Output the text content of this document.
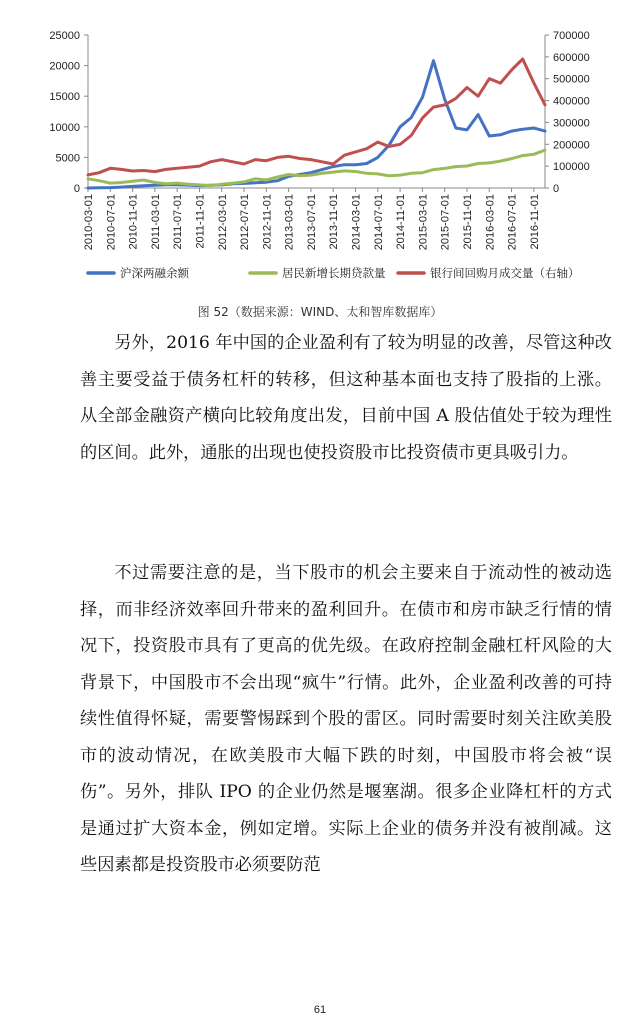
0
5000
10000
15000
20000
25000
0
100000
200000
300000
400000
500000
600000
700000
2010-03-01 2010-07-01 2010-11-01 2011-03-01 2011-07-01 2011-11-01 2012-03-01 2012-07-01 2012-11-01 2013-03-01 2013-07-01 2013-11-01 2014-03-01 2014-07-01 2014-11-01 2015-03-01 2015-07-01 2015-11-01 2016-03-01 2016-07-01 2016-11-01
沪深两融余额	居民新增长期贷款量	银行间回购月成交量（右轴）
图 52（数据来源：WIND、太和智库数据库）

另外，2016 年中国的企业盈利有了较为明显的改善，尽管这种改善主要受益于债务杠杆的转移，但这种基本面也支持了股指的上涨。从全部金融资产横向比较角度出发，目前中国 A 股估值处于较为理性的区间。此外，通胀的出现也使投资股市比投资债市更具吸引力。

不过需要注意的是，当下股市的机会主要来自于流动性的被动选择，而非经济效率回升带来的盈利回升。在债市和房市缺乏行情的情况下，投资股市具有了更高的优先级。在政府控制金融杠杆风险的大背景下，中国股市不会出现“疯牛”行情。此外，企业盈利改善的可持续性值得怀疑，需要警惕踩到个股的雷区。同时需要时刻关注欧美股市的波动情况，在欧美股市大幅下跌的时刻，中国股市将会被“误伤”。另外，排队 IPO 的企业仍然是堰塞湖。很多企业降杠杆的方式是通过扩大资本金，例如定增。实际上企业的债务并没有被削减。这些因素都是投资股市必须要防范

61
